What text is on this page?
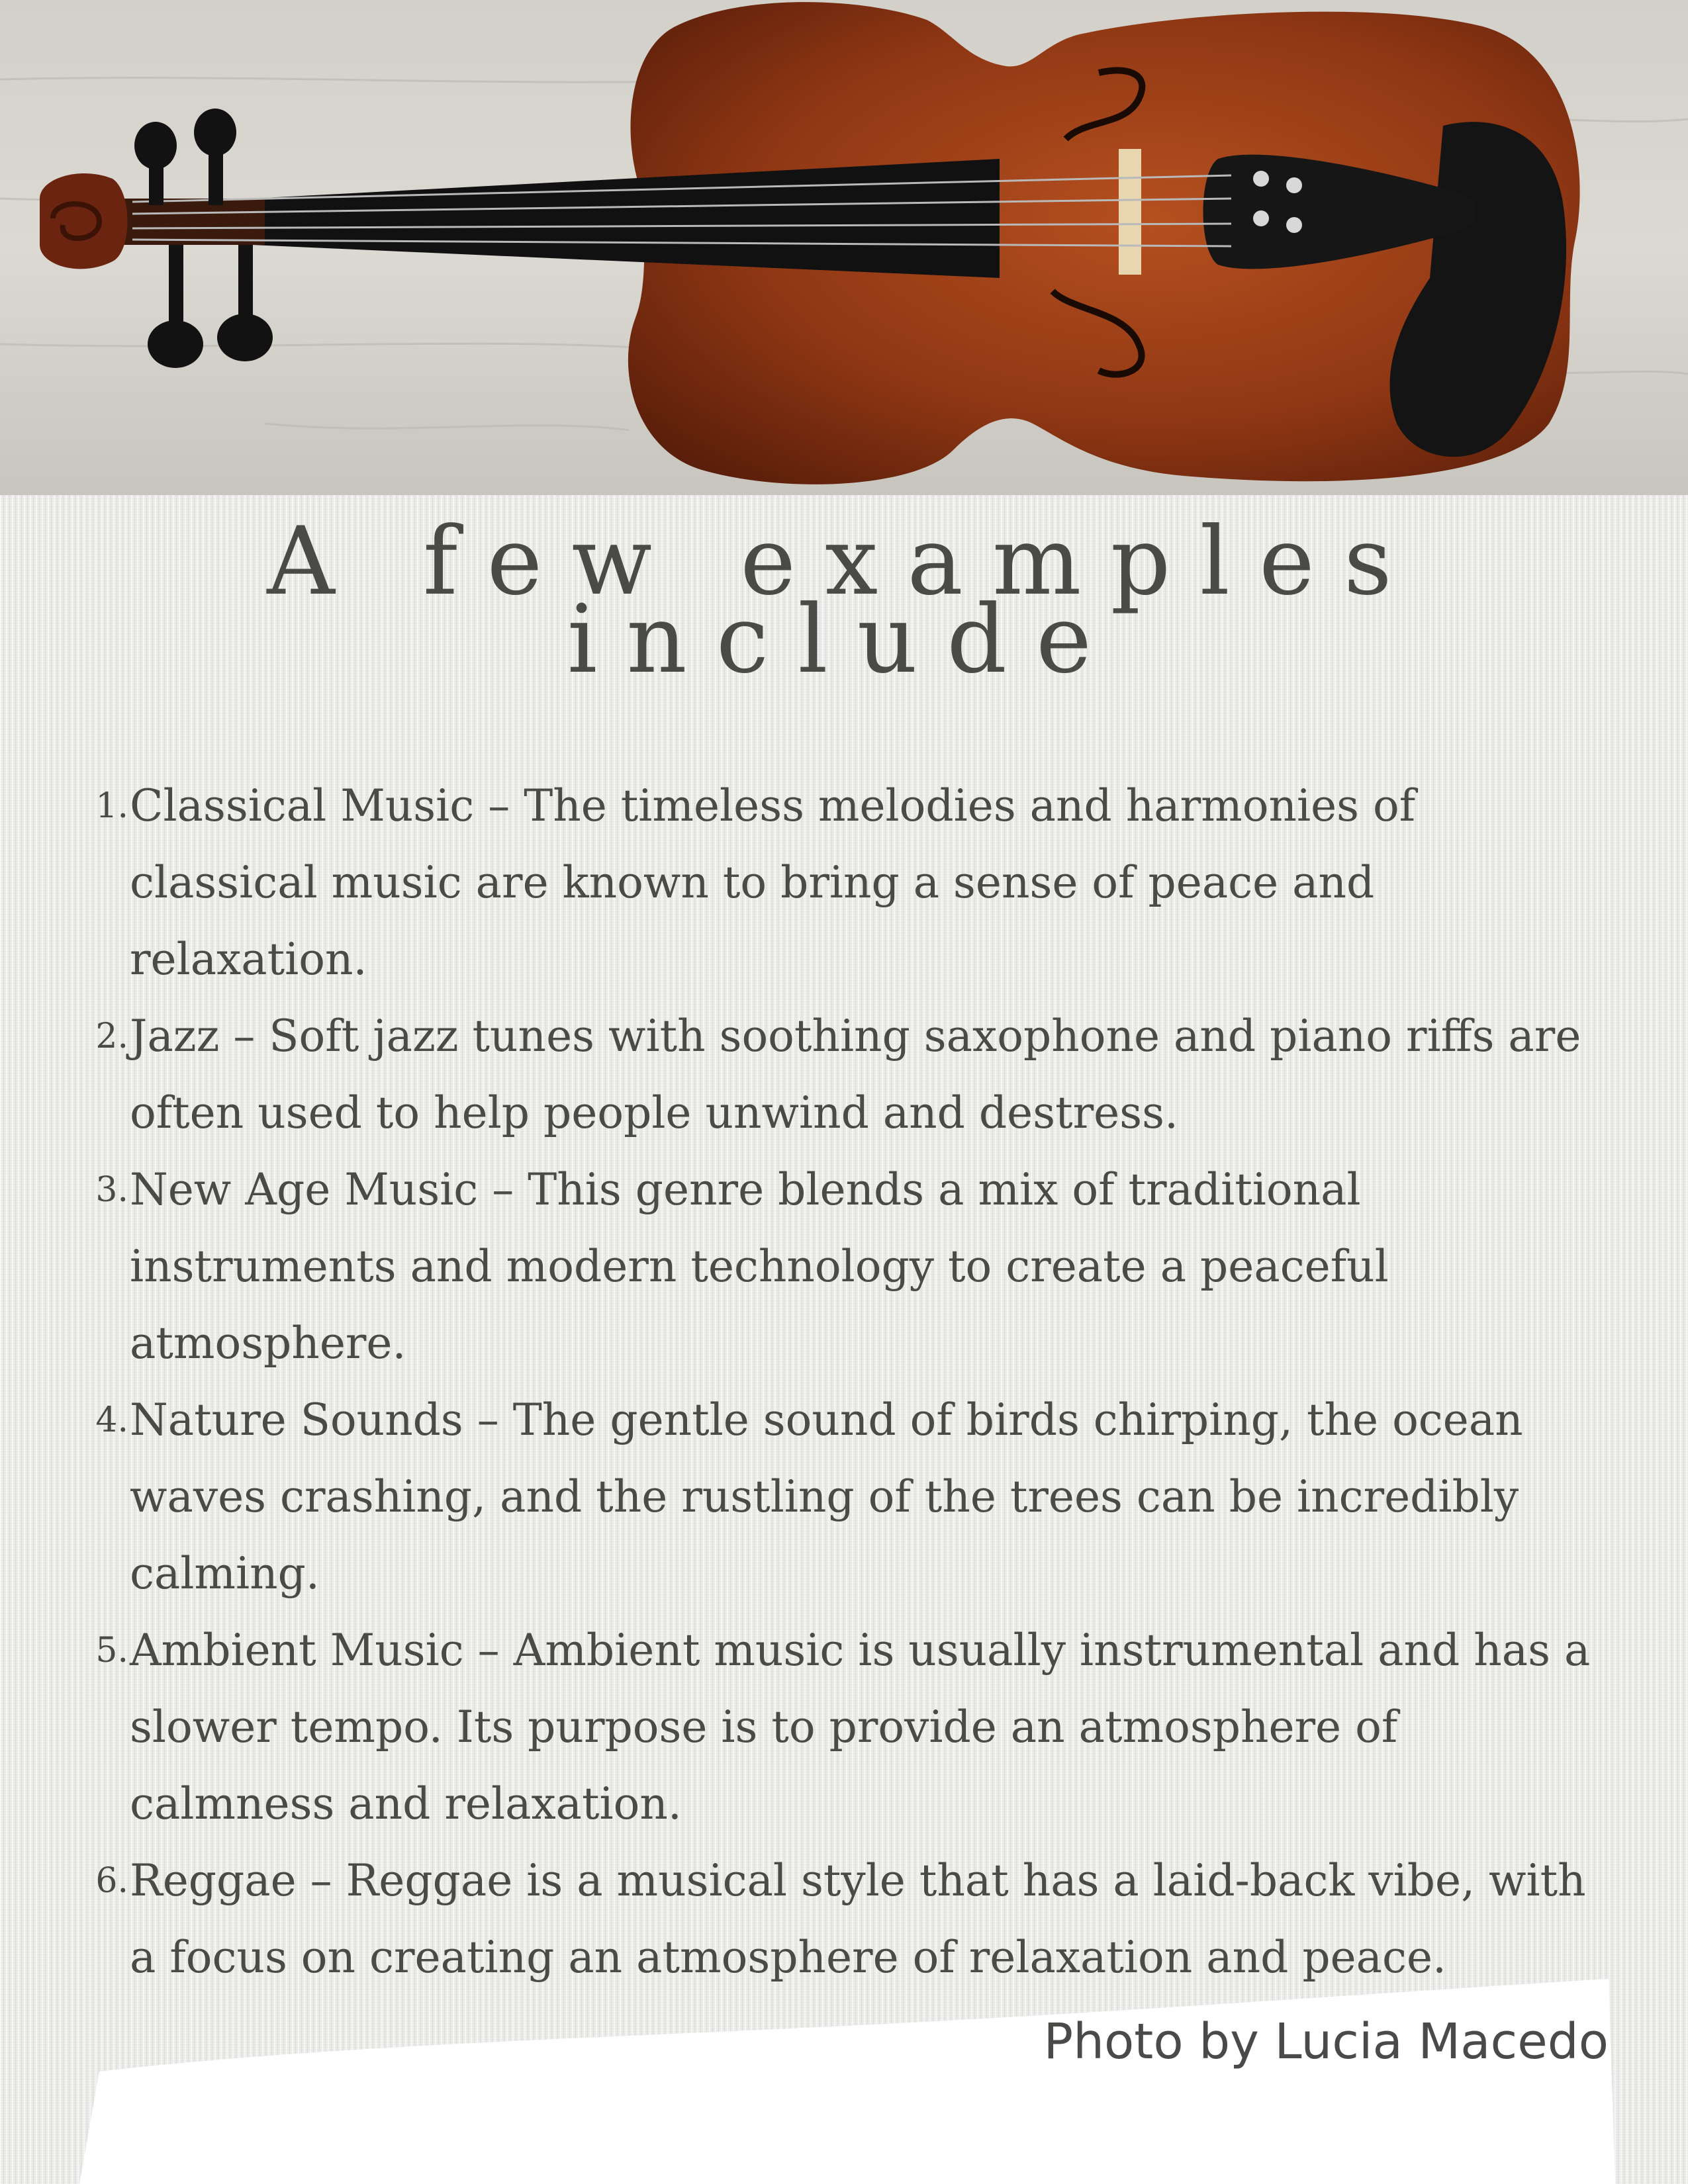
A few examples
include
1. Classical Music – The timeless melodies and harmonies of classical music are known to bring a sense of peace and relaxation.
2. Jazz – Soft jazz tunes with soothing saxophone and piano riffs are often used to help people unwind and destress.
3. New Age Music – This genre blends a mix of traditional instruments and modern technology to create a peaceful atmosphere.
4. Nature Sounds – The gentle sound of birds chirping, the ocean waves crashing, and the rustling of the trees can be incredibly calming.
5. Ambient Music – Ambient music is usually instrumental and has a slower tempo. Its purpose is to provide an atmosphere of calmness and relaxation.
6. Reggae – Reggae is a musical style that has a laid-back vibe, with a focus on creating an atmosphere of relaxation and peace.
Photo by Lucia Macedo
